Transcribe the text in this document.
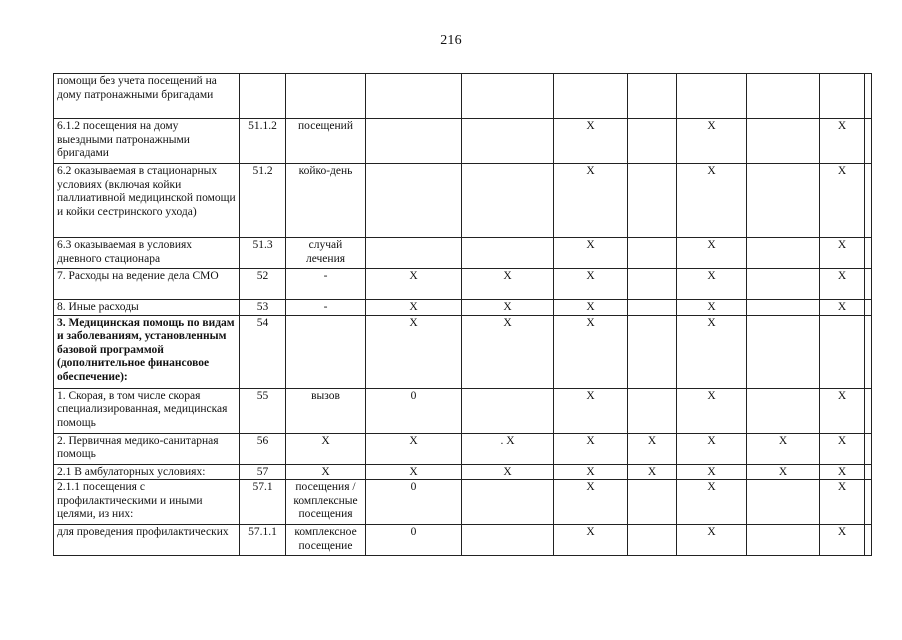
216
помощи без учета посещений на дому патронажными бригадами										
6.1.2 посещения на дому выездными патронажными бригадами	51.1.2	посещений			X		X		X	
6.2 оказываемая в стационарных условиях (включая койки паллиативной медицинской помощи и койки сестринского ухода)	51.2	койко-день			X		X		X	
6.3 оказываемая в условиях дневного стационара	51.3	случай лечения			X		X		X	
7. Расходы на ведение дела СМО	52	-	X	X	X		X		X	
8. Иные расходы	53	-	X	X	X		X		X	
3. Медицинская помощь по видам и заболеваниям, установленным базовой программой (дополнительное финансовое обеспечение):	54		X	X	X		X			
1. Скорая, в том числе скорая специализированная, медицинская помощь	55	вызов	0		X		X		X	
2. Первичная медико-санитарная помощь	56	X	X	. X	X	X	X	X	X	
2.1 В амбулаторных условиях:	57	X	X	X	X	X	X	X	X	
2.1.1 посещения с профилактическими и иными целями, из них:	57.1	посещения / комплексные посещения	0		X		X		X	
для проведения профилактических	57.1.1	комплексное посещение	0		X		X		X	
